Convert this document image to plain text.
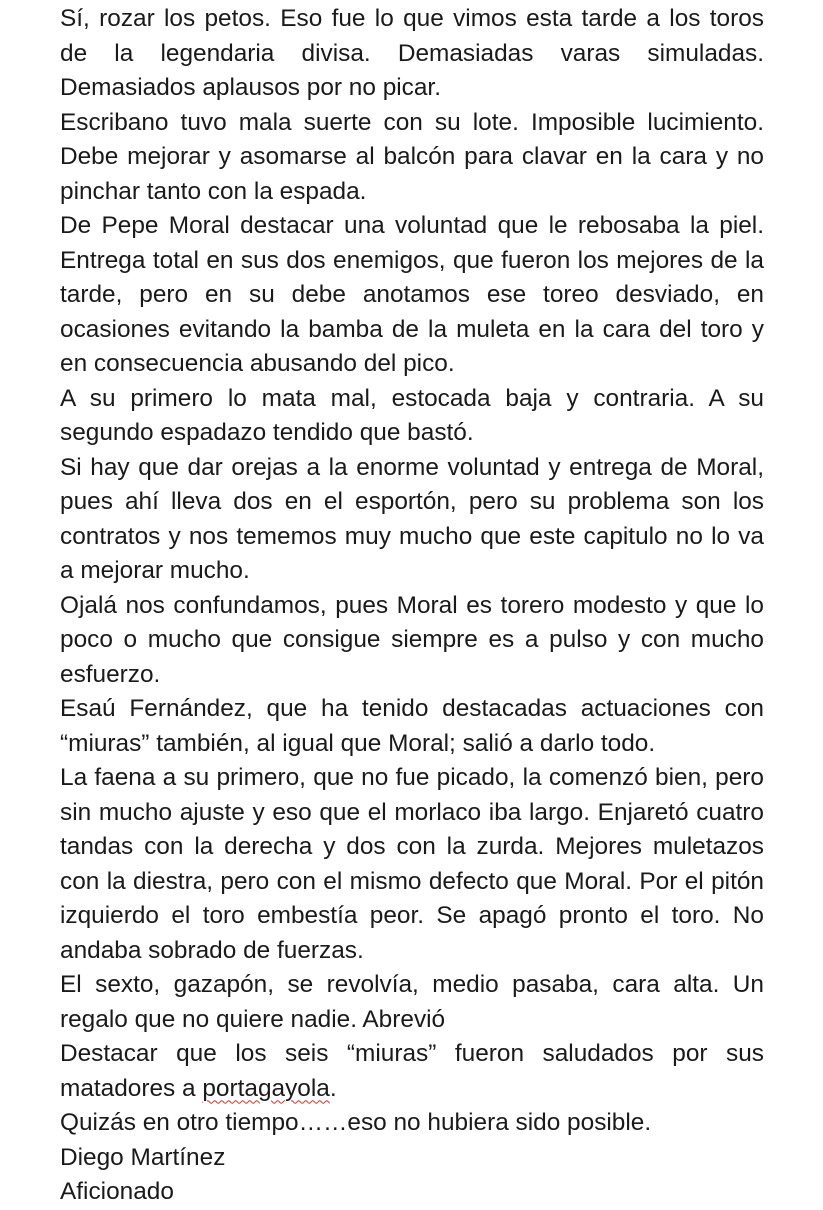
Sí, rozar los petos. Eso fue lo que vimos esta tarde a los toros de la legendaria divisa. Demasiadas varas simuladas. Demasiados aplausos por no picar.

Escribano tuvo mala suerte con su lote. Imposible lucimiento. Debe mejorar y asomarse al balcón para clavar en la cara y no pinchar tanto con la espada.

De Pepe Moral destacar una voluntad que le rebosaba la piel. Entrega total en sus dos enemigos, que fueron los mejores de la tarde, pero en su debe anotamos ese toreo desviado, en ocasiones evitando la bamba de la muleta en la cara del toro y en consecuencia abusando del pico.

A su primero lo mata mal, estocada baja y contraria. A su segundo espadazo tendido que bastó.

Si hay que dar orejas a la enorme voluntad y entrega de Moral, pues ahí lleva dos en el esportón, pero su problema son los contratos y nos tememos muy mucho que este capitulo no lo va a mejorar mucho.

Ojalá nos confundamos, pues Moral es torero modesto y que lo poco o mucho que consigue siempre es a pulso y con mucho esfuerzo.

Esaú Fernández, que ha tenido destacadas actuaciones con “miuras” también, al igual que Moral; salió a darlo todo.

La faena a su primero, que no fue picado, la comenzó bien, pero sin mucho ajuste y eso que el morlaco iba largo. Enjaretó cuatro tandas con la derecha y dos con la zurda. Mejores muletazos con la diestra, pero con el mismo defecto que Moral. Por el pitón izquierdo el toro embestía peor. Se apagó pronto el toro. No andaba sobrado de fuerzas.

El sexto, gazapón, se revolvía, medio pasaba, cara alta. Un regalo que no quiere nadie. Abrevió

Destacar que los seis “miuras” fueron saludados por sus matadores a portagayola.

Quizás en otro tiempo……eso no hubiera sido posible.

Diego Martínez

Aficionado
